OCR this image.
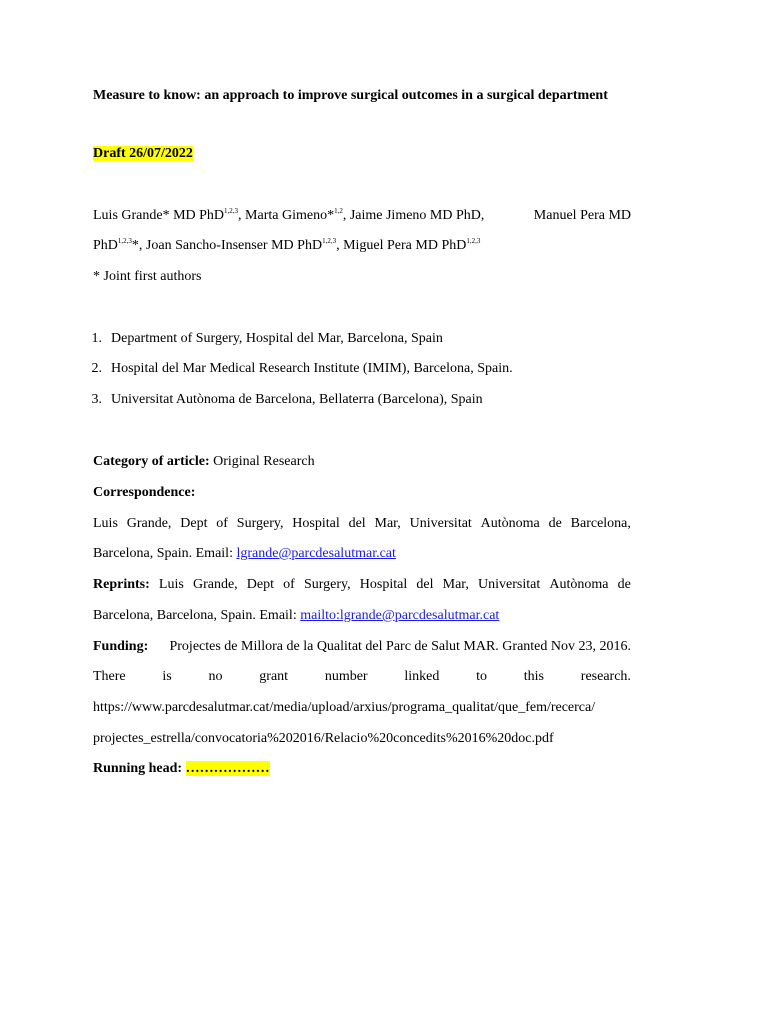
Measure to know: an approach to improve surgical outcomes in a surgical department
Draft 26/07/2022
Luis Grande* MD PhD$^{1,2,3}$, Marta Gimeno*$^{1,2}$, Jaime Jimeno MD PhD,	Manuel Pera MD
PhD$^{1,2,3}$*, Joan Sancho-Insenser MD PhD$^{1,2,3}$, Miguel Pera MD PhD$^{1,2,3}$
* Joint first authors
1. Department of Surgery, Hospital del Mar, Barcelona, Spain
2. Hospital del Mar Medical Research Institute (IMIM), Barcelona, Spain.
3. Universitat Autònoma de Barcelona, Bellaterra (Barcelona), Spain
Category of article: Original Research
Correspondence:
Luis Grande, Dept of Surgery, Hospital del Mar, Universitat Autònoma de Barcelona,
Barcelona, Spain. Email: lgrande@parcdesalutmar.cat
Reprints: Luis Grande, Dept of Surgery, Hospital del Mar, Universitat Autònoma de
Barcelona, Barcelona, Spain. Email: mailto:lgrande@parcdesalutmar.cat
Funding: Projectes de Millora de la Qualitat del Parc de Salut MAR. Granted Nov 23, 2016.
There	is	no	grant	number	linked	to	this	research.
https://www.parcdesalutmar.cat/media/upload/arxius/programa_qualitat/que_fem/recerca/
projectes_estrella/convocatoria%202016/Relacio%20concedits%2016%20doc.pdf
Running head: ………………
